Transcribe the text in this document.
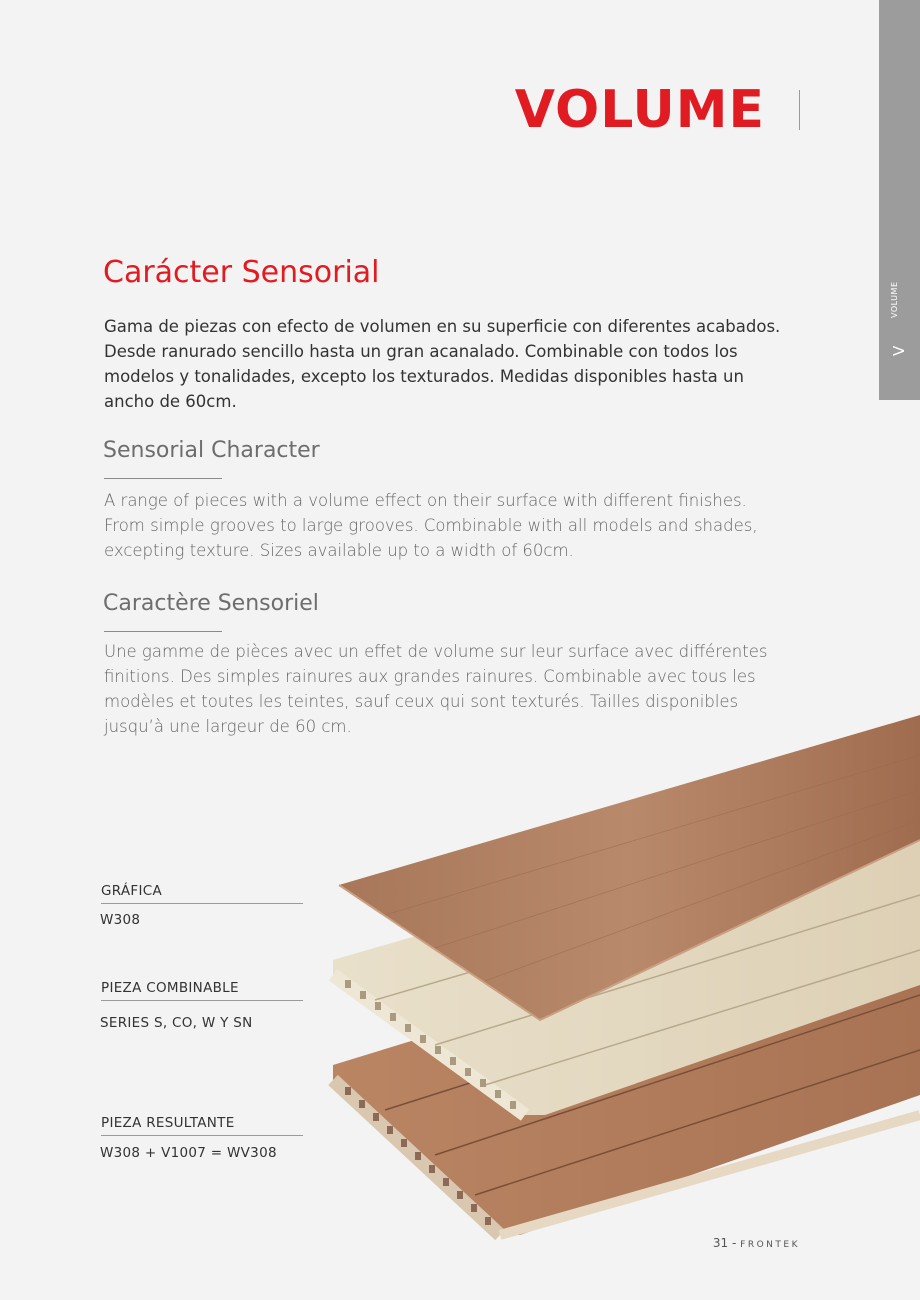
VOLUME
V
VOLUME
Carácter Sensorial

Gama de piezas con efecto de volumen en su superficie con diferentes acabados. Desde ranurado sencillo hasta un gran acanalado. Combinable con todos los modelos y tonalidades, excepto los texturados. Medidas disponibles hasta un ancho de 60cm.

Sensorial Character

A range of pieces with a volume effect on their surface with different finishes. From simple grooves to large grooves. Combinable with all models and shades, excepting texture. Sizes available up to a width of 60cm.

Caractère Sensoriel

Une gamme de pièces avec un effet de volume sur leur surface avec différentes finitions. Des simples rainures aux grandes rainures. Combinable avec tous les modèles et toutes les teintes, sauf ceux qui sont texturés. Tailles disponibles jusqu’à une largeur de 60 cm.

GRÁFICA
W308
PIEZA COMBINABLE
SERIES S, CO, W Y SN
PIEZA RESULTANTE
W308 + V1007 = WV308
31 - FRONTEK
